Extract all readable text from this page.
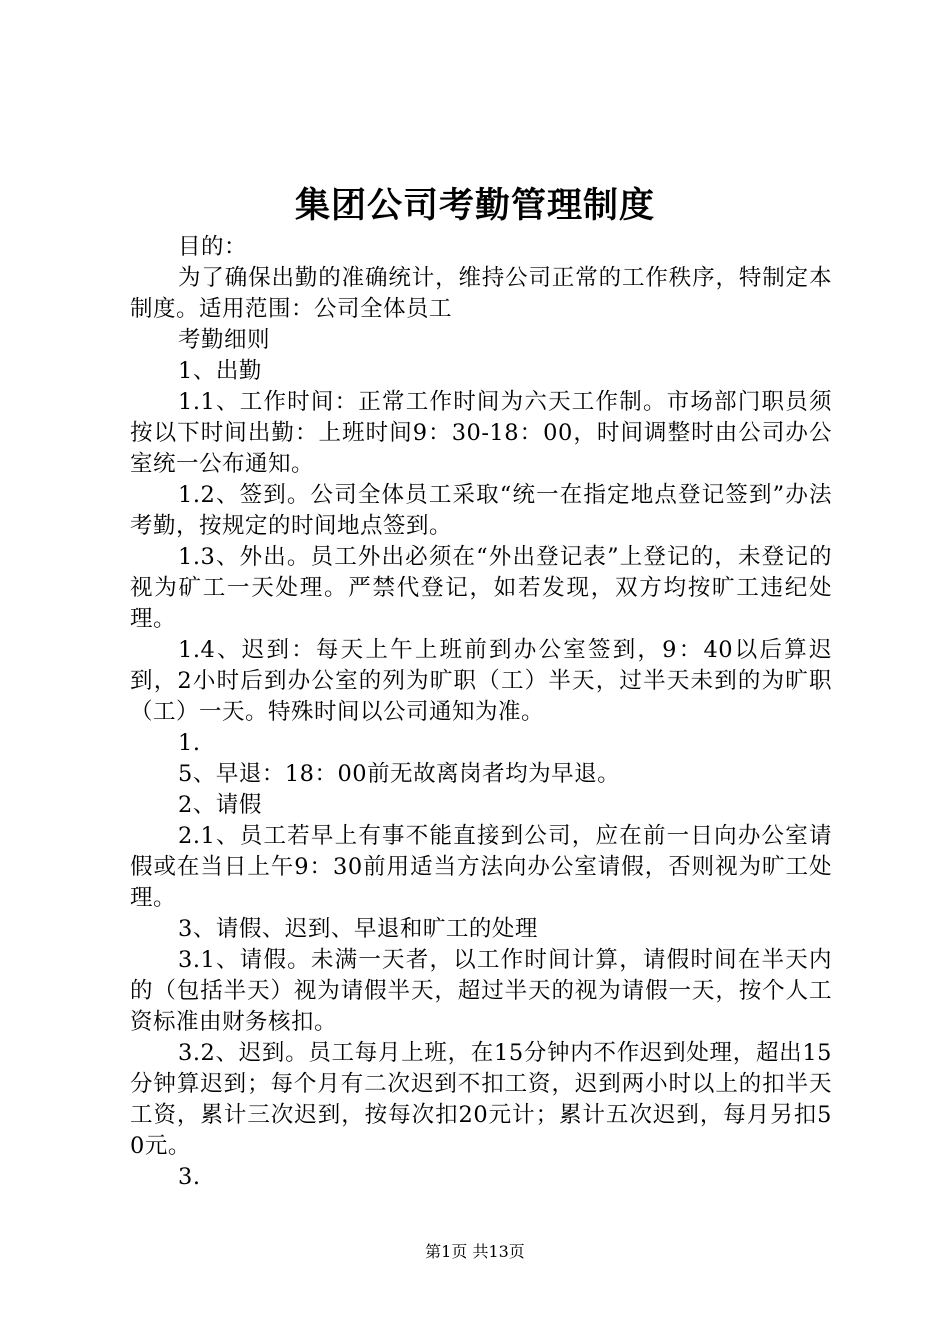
集团公司考勤管理制度

目的：

为了确保出勤的准确统计，维持公司正常的工作秩序，特制定本制度。适用范围：公司全体员工

考勤细则

1、出勤

1.1、工作时间：正常工作时间为六天工作制。市场部门职员须按以下时间出勤：上班时间9：30-18：00，时间调整时由公司办公室统一公布通知。

1.2、签到。公司全体员工采取“统一在指定地点登记签到”办法考勤，按规定的时间地点签到。

1.3、外出。员工外出必须在“外出登记表”上登记的，未登记的视为矿工一天处理。严禁代登记，如若发现，双方均按旷工违纪处理。

1.4、迟到：每天上午上班前到办公室签到，9：40以后算迟到，2小时后到办公室的列为旷职（工）半天，过半天未到的为旷职（工）一天。特殊时间以公司通知为准。

1.

5、早退：18：00前无故离岗者均为早退。

2、请假

2.1、员工若早上有事不能直接到公司，应在前一日向办公室请假或在当日上午9：30前用适当方法向办公室请假，否则视为旷工处理。

3、请假、迟到、早退和旷工的处理

3.1、请假。未满一天者，以工作时间计算，请假时间在半天内的（包括半天）视为请假半天，超过半天的视为请假一天，按个人工资标准由财务核扣。

3.2、迟到。员工每月上班，在15分钟内不作迟到处理，超出15分钟算迟到；每个月有二次迟到不扣工资，迟到两小时以上的扣半天工资，累计三次迟到，按每次扣20元计；累计五次迟到，每月另扣50元。

3.

第1页 共13页
